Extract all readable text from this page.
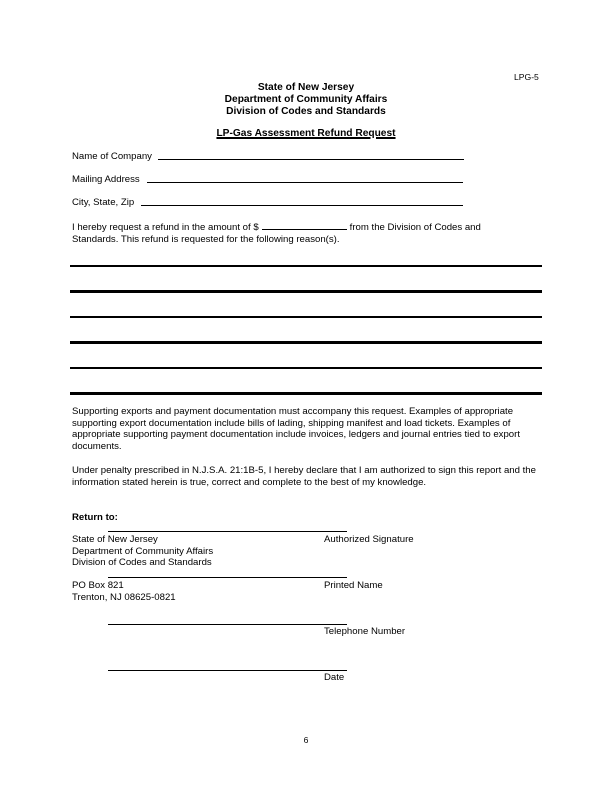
LPG-5
State of New Jersey
Department of Community Affairs
Division of Codes and Standards
LP-Gas Assessment Refund Request
Name of Company
Mailing Address
City, State, Zip
I hereby request a refund in the amount of $	from the Division of Codes and
Standards. This refund is requested for the following reason(s).
Supporting exports and payment documentation must accompany this request. Examples of appropriate supporting export documentation include bills of lading, shipping manifest and load tickets. Examples of appropriate supporting payment documentation include invoices, ledgers and journal entries tied to export documents.
Under penalty prescribed in N.J.S.A. 21:1B-5, I hereby declare that I am authorized to sign this report and the information stated herein is true, correct and complete to the best of my knowledge.
Return to:
State of New Jersey
Department of Community Affairs
Division of Codes and Standards
Authorized Signature
PO Box 821
Trenton, NJ 08625-0821
Printed Name
Telephone Number
Date
6
